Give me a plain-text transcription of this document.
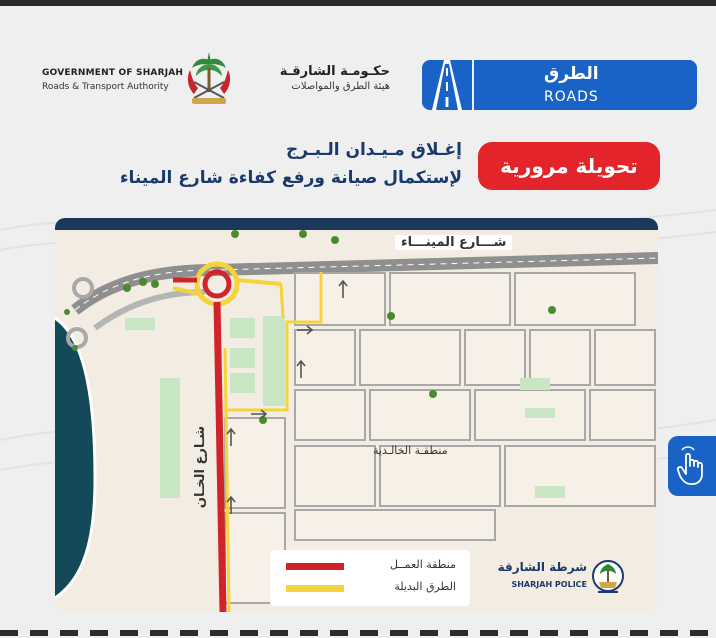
GOVERNMENT OF SHARJAH
Roads & Transport Authority
حكـومـة الشارقـة
هيئة الطرق والمواصلات
الطرق
ROADS
تحويلة مرورية
إغـلاق مـيـدان الـبـرج
لإستكمال صيانة ورفع كفاءة شارع الميناء
شـــارع المينـــاء
شـارع الخـان	منطقـة الخالـدية
منطقة العمــل
الطرق البديلة
شرطة الشارقة
SHARJAH POLICE
